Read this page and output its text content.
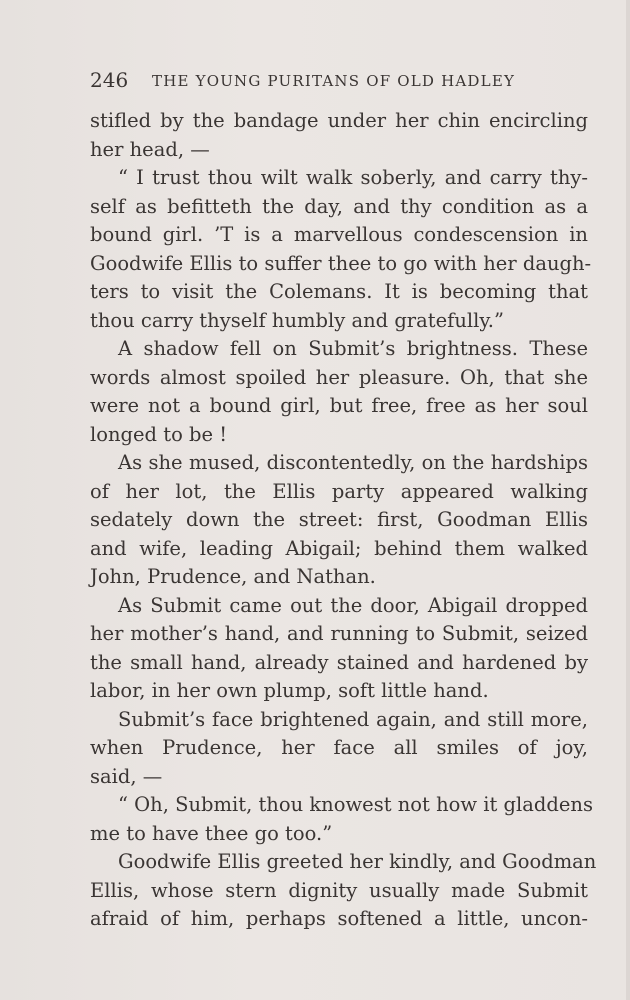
246 THE YOUNG PURITANS OF OLD HADLEY
stifled by the bandage under her chin encircling
her head, —
“ I trust thou wilt walk soberly, and carry thy-
self as befitteth the day, and thy condition as a
bound girl. ’T is a marvellous condescension in
Goodwife Ellis to suffer thee to go with her daugh-
ters to visit the Colemans. It is becoming that
thou carry thyself humbly and gratefully.”
A shadow fell on Submit’s brightness. These
words almost spoiled her pleasure. Oh, that she
were not a bound girl, but free, free as her soul
longed to be !
As she mused, discontentedly, on the hardships
of her lot, the Ellis party appeared walking
sedately down the street: first, Goodman Ellis
and wife, leading Abigail; behind them walked
John, Prudence, and Nathan.
As Submit came out the door, Abigail dropped
her mother’s hand, and running to Submit, seized
the small hand, already stained and hardened by
labor, in her own plump, soft little hand.
Submit’s face brightened again, and still more,
when Prudence, her face all smiles of joy,
said, —
“ Oh, Submit, thou knowest not how it gladdens
me to have thee go too.”
Goodwife Ellis greeted her kindly, and Goodman
Ellis, whose stern dignity usually made Submit
afraid of him, perhaps softened a little, uncon-
